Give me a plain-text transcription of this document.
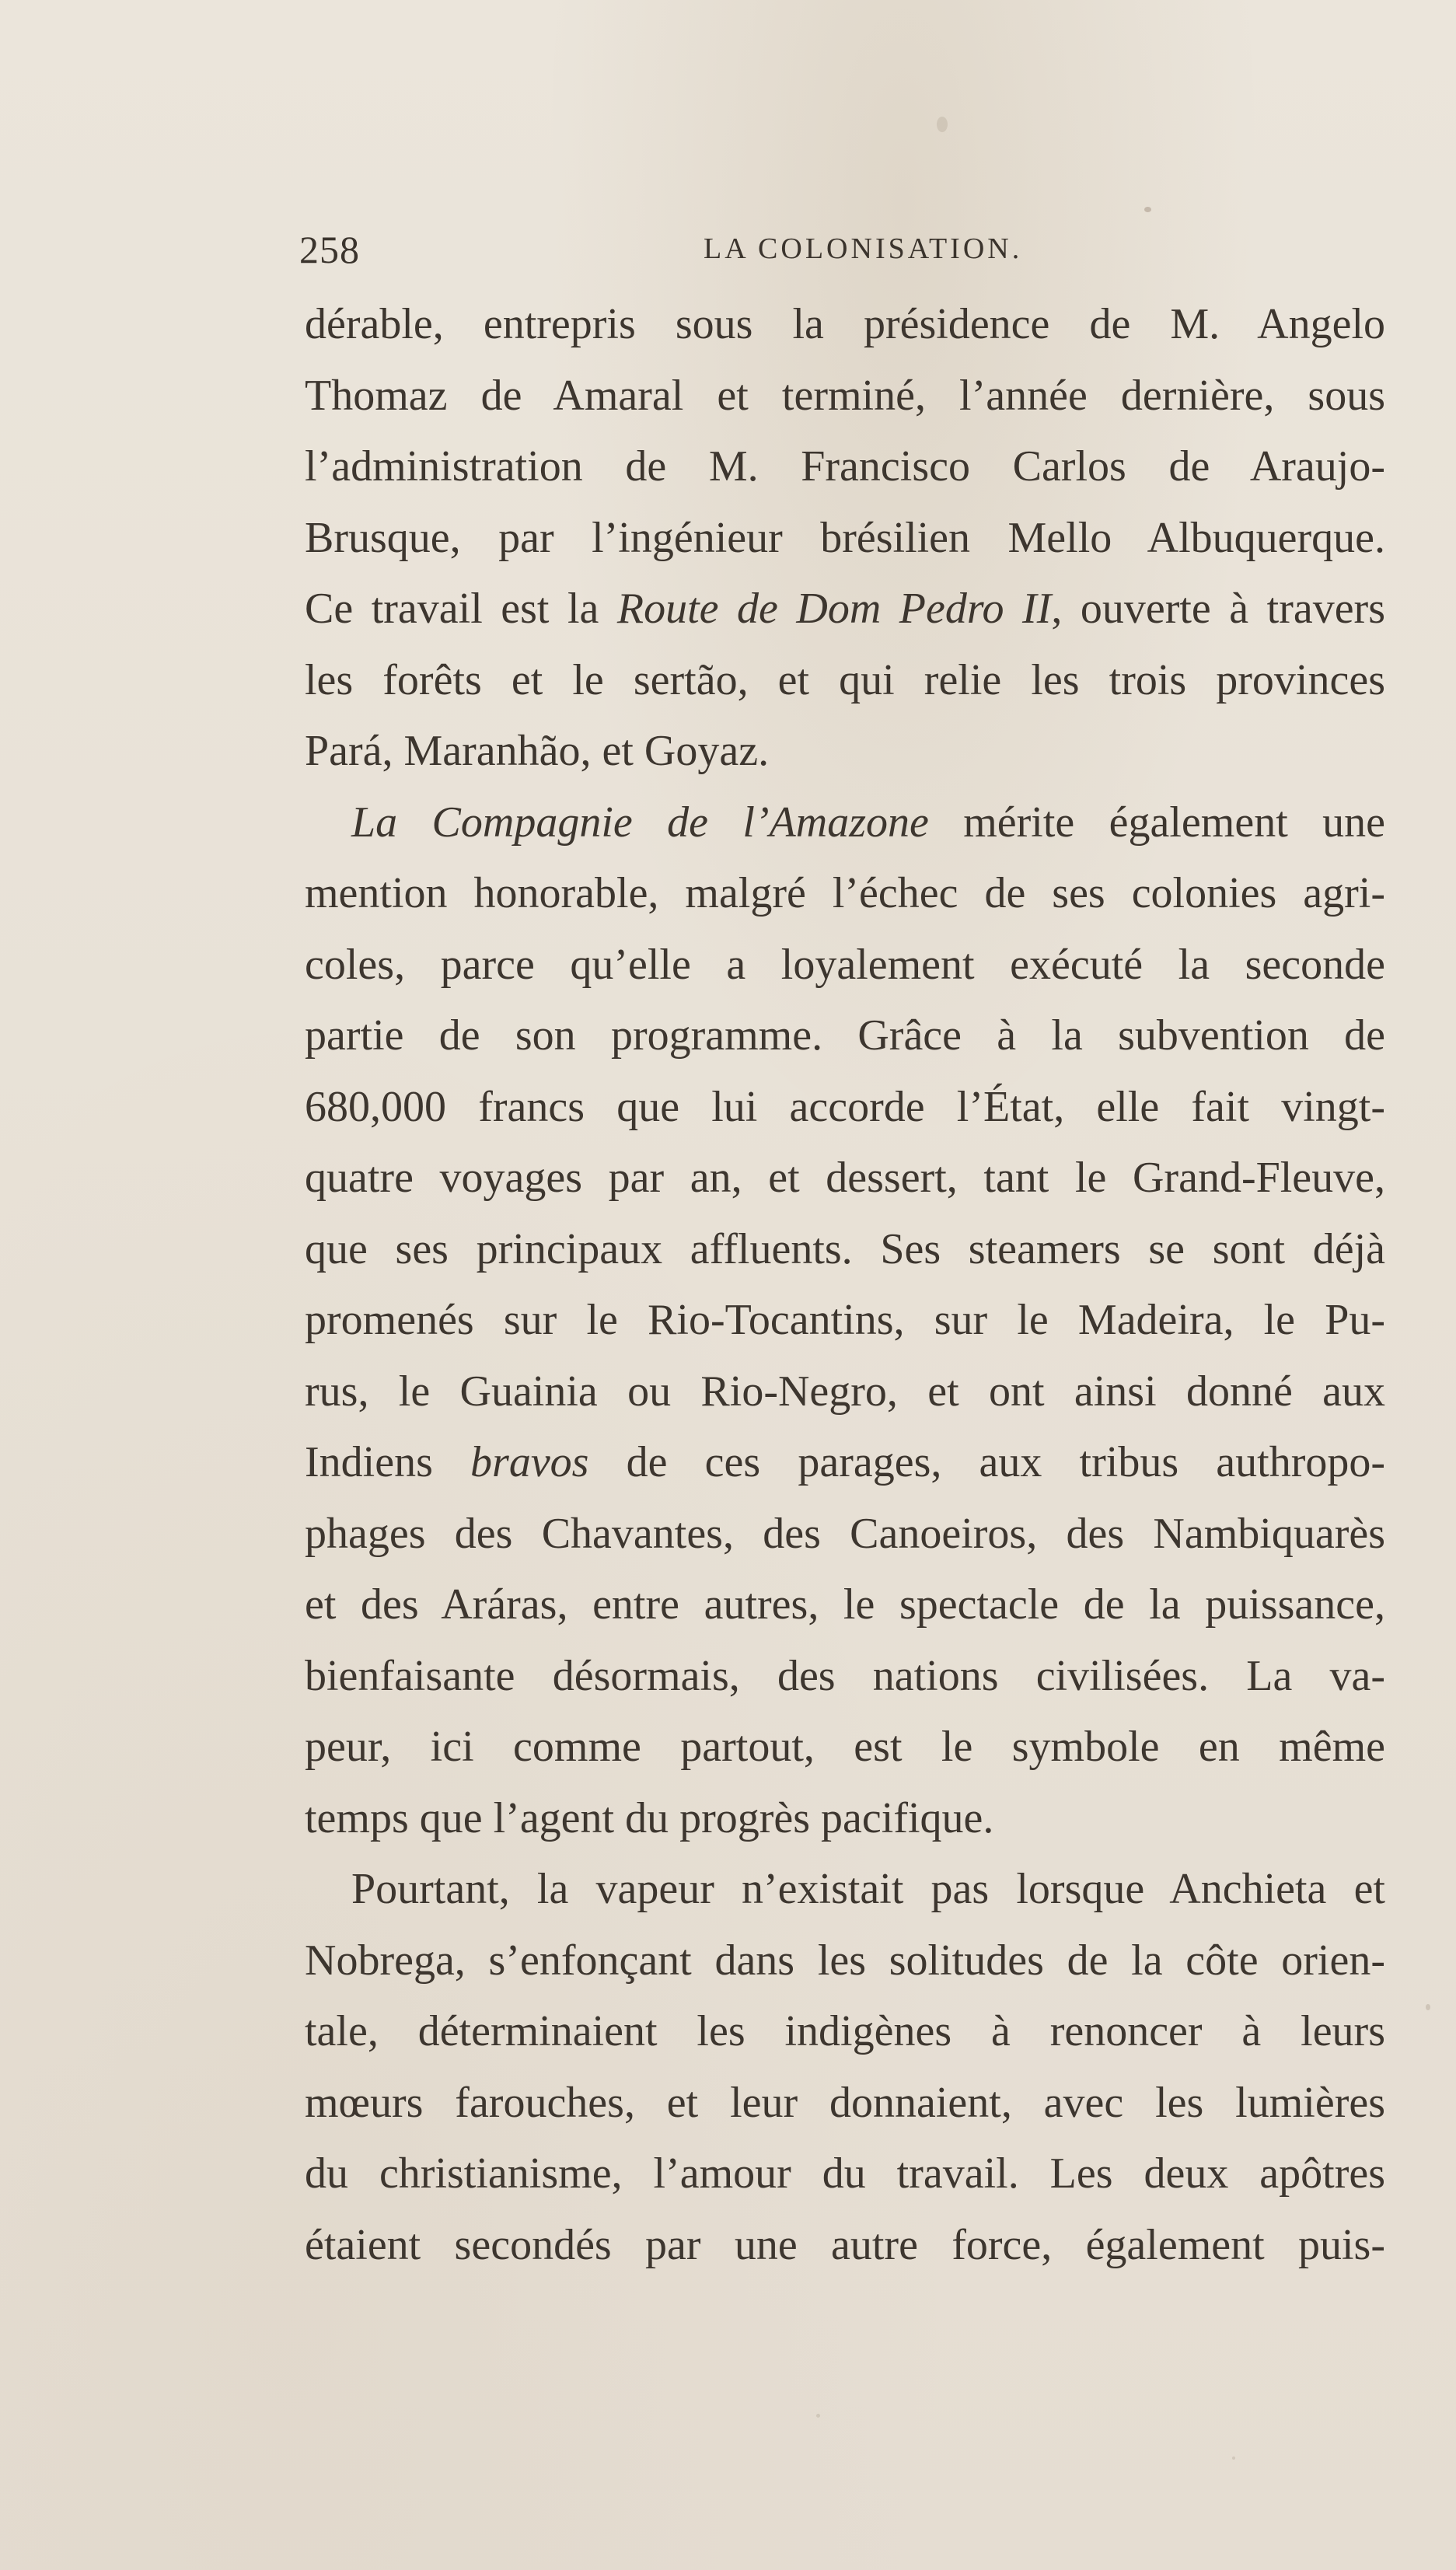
258	LA COLONISATION.
dérable, entrepris sous la présidence de M. Angelo
Thomaz de Amaral et terminé, l’année dernière, sous
l’administration de M. Francisco Carlos de Araujo-
Brusque, par l’ingénieur brésilien Mello Albuquerque.
Ce travail est la Route de Dom Pedro II, ouverte à travers
les forêts et le sertão, et qui relie les trois provinces
Pará, Maranhão, et Goyaz.
La Compagnie de l’Amazone mérite également une
mention honorable, malgré l’échec de ses colonies agri-
coles, parce qu’elle a loyalement exécuté la seconde
partie de son programme. Grâce à la subvention de
680,000 francs que lui accorde l’État, elle fait vingt-
quatre voyages par an, et dessert, tant le Grand-Fleuve,
que ses principaux affluents. Ses steamers se sont déjà
promenés sur le Rio-Tocantins, sur le Madeira, le Pu-
rus, le Guainia ou Rio-Negro, et ont ainsi donné aux
Indiens bravos de ces parages, aux tribus authropo-
phages des Chavantes, des Canoeiros, des Nambiquarès
et des Aráras, entre autres, le spectacle de la puissance,
bienfaisante désormais, des nations civilisées. La va-
peur, ici comme partout, est le symbole en même
temps que l’agent du progrès pacifique.
Pourtant, la vapeur n’existait pas lorsque Anchieta et
Nobrega, s’enfonçant dans les solitudes de la côte orien-
tale, déterminaient les indigènes à renoncer à leurs
mœurs farouches, et leur donnaient, avec les lumières
du christianisme, l’amour du travail. Les deux apôtres
étaient secondés par une autre force, également puis-
